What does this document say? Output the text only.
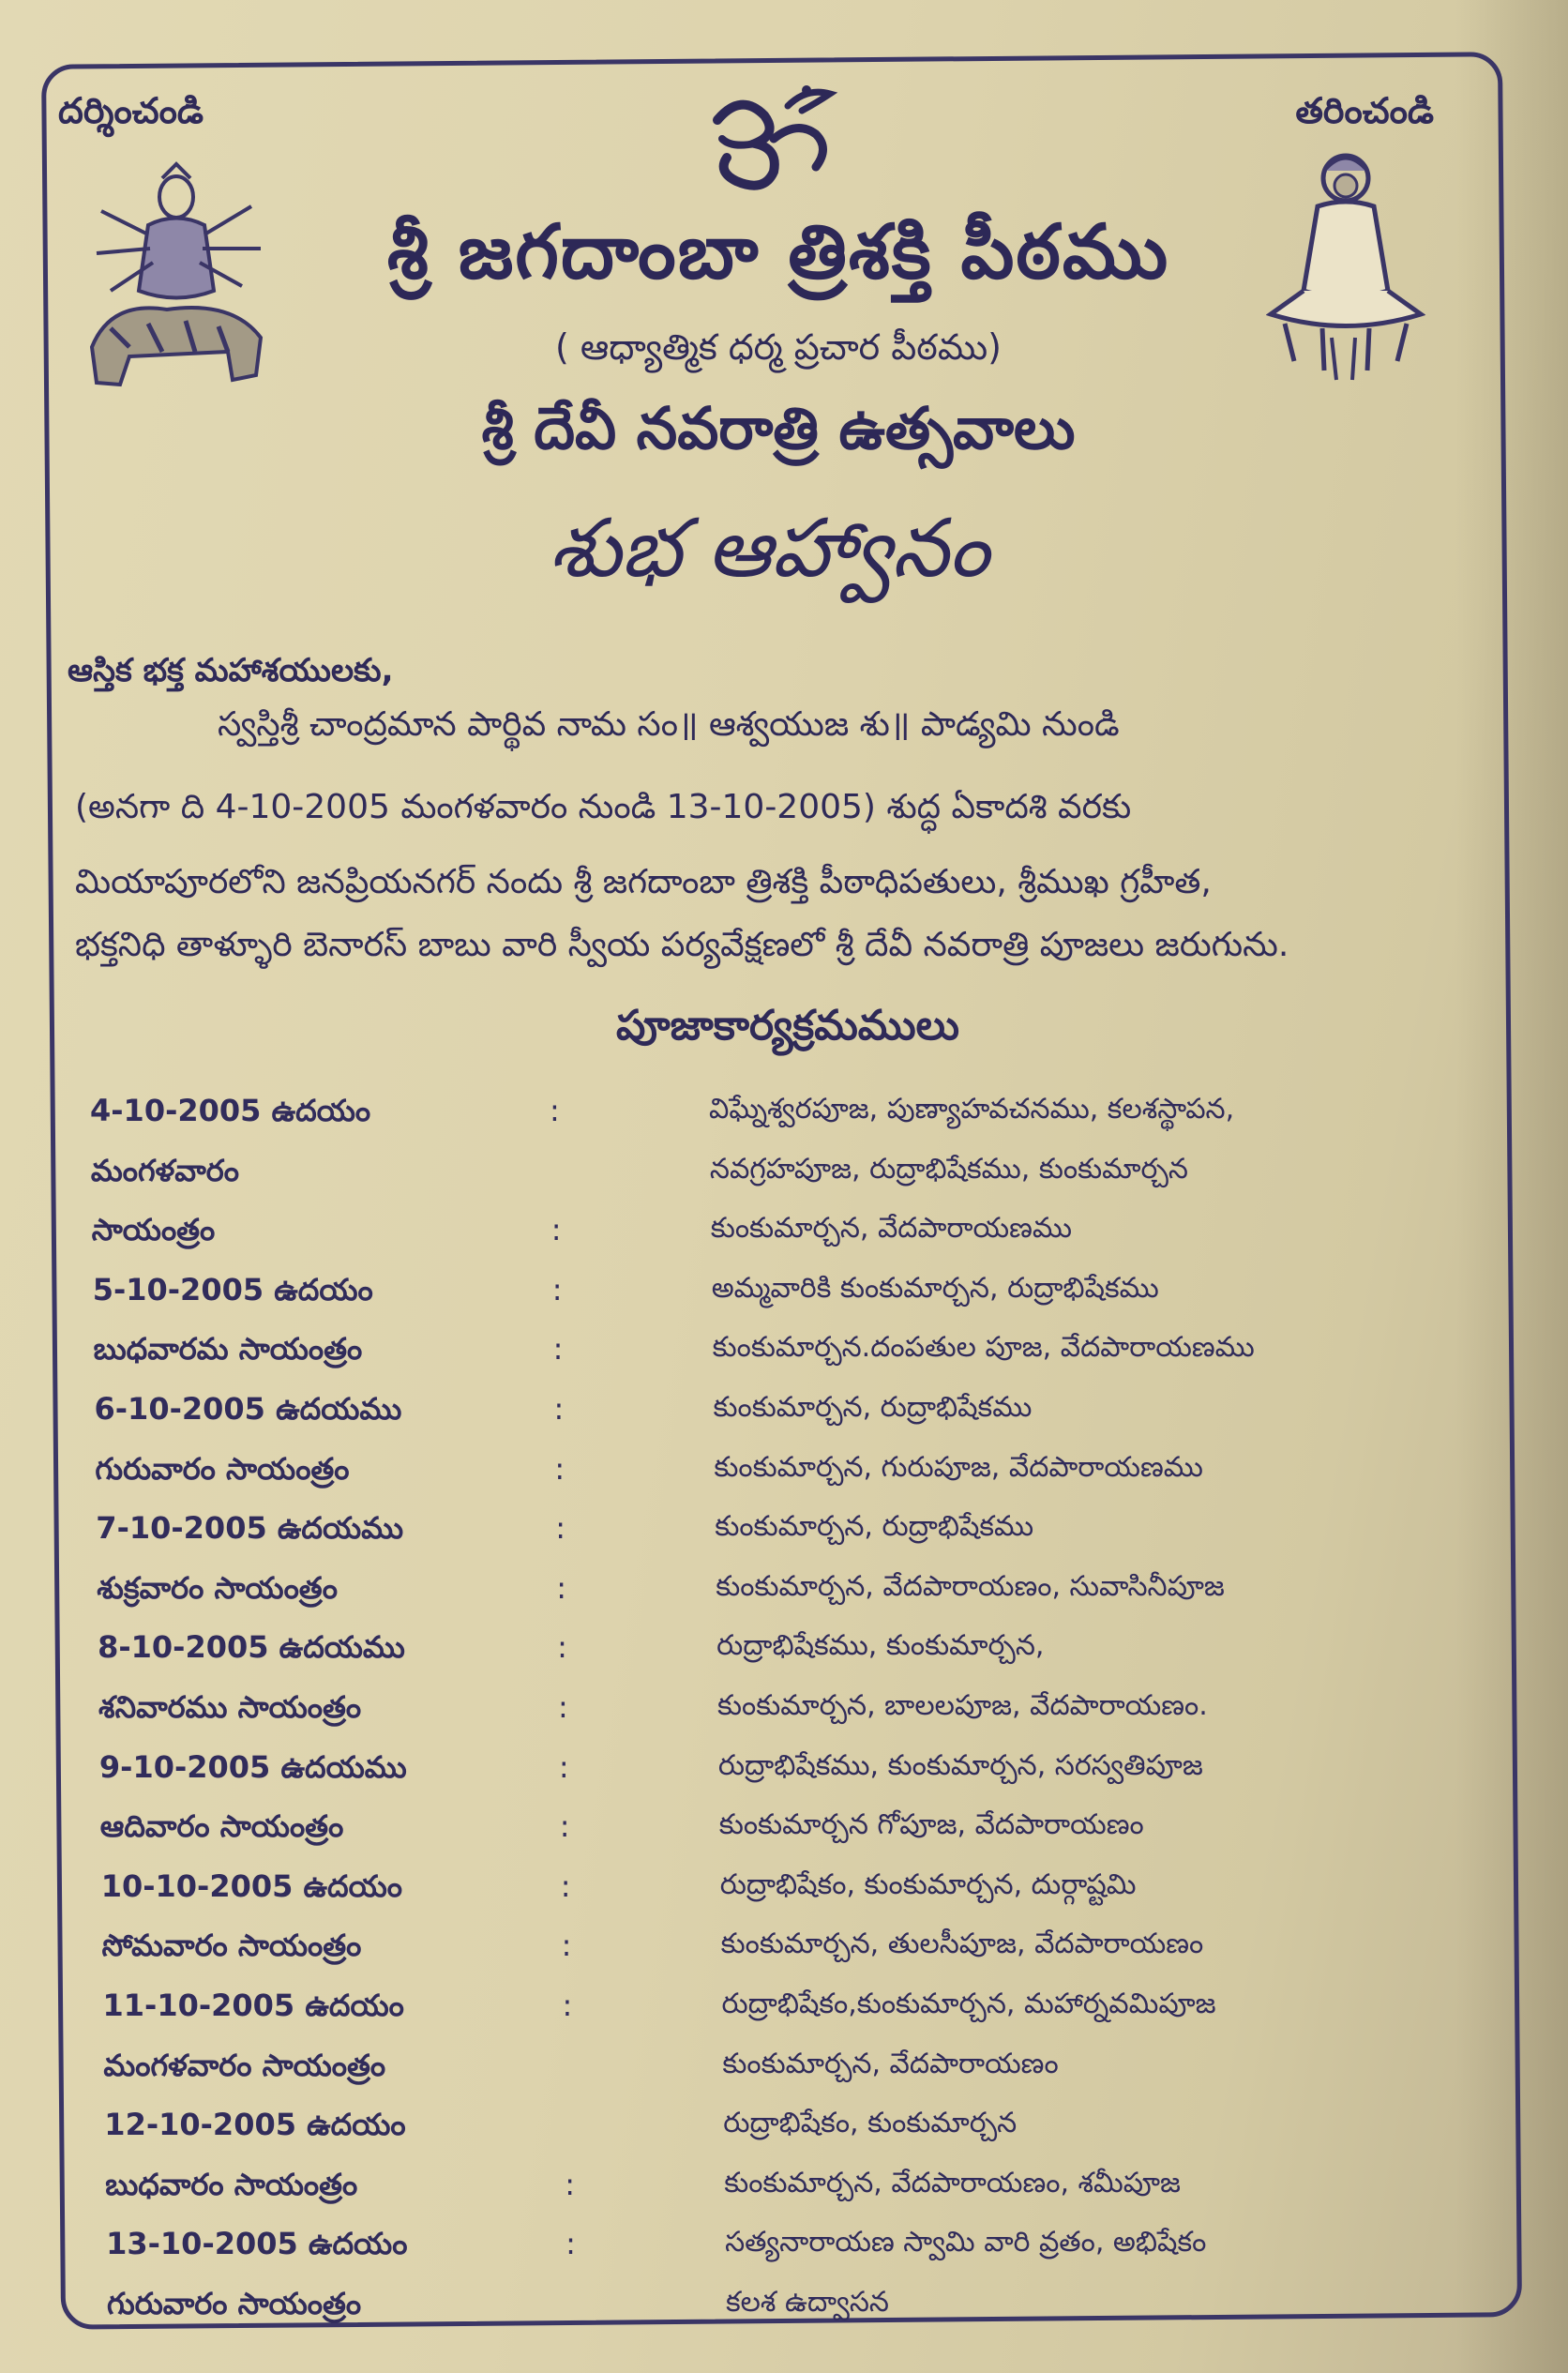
దర్శించండి	తరించండి
శ్రీ జగదాంబా త్రిశక్తి పీఠము
( ఆధ్యాత్మిక ధర్మ ప్రచార పీఠము)
శ్రీ దేవీ నవరాత్రి ఉత్సవాలు
శుభ ఆహ్వానం
ఆస్తిక భక్త మహాశయులకు,
స్వస్తిశ్రీ చాంద్రమాన పార్థివ నామ సం॥ ఆశ్వయుజ శు॥ పాడ్యమి నుండి
(అనగా ది 4-10-2005 మంగళవారం నుండి 13-10-2005) శుద్ధ ఏకాదశి వరకు
మియాపూరలోని జనప్రియనగర్ నందు శ్రీ జగదాంబా త్రిశక్తి పీఠాధిపతులు, శ్రీముఖ గ్రహీత,
భక్తనిధి తాళ్ళూరి బెనారస్ బాబు వారి స్వీయ పర్యవేక్షణలో శ్రీ దేవీ నవరాత్రి పూజలు జరుగును.
పూజాకార్యక్రమములు
4-10-2005 ఉదయం	:	విఘ్నేశ్వరపూజ, పుణ్యాహవచనము, కలశస్థాపన,
మంగళవారం	నవగ్రహపూజ, రుద్రాభిషేకము, కుంకుమార్చన
సాయంత్రం	:	కుంకుమార్చన, వేదపారాయణము
5-10-2005 ఉదయం	:	అమ్మవారికి కుంకుమార్చన, రుద్రాభిషేకము
బుధవారమ సాయంత్రం	:	కుంకుమార్చన.దంపతుల పూజ, వేదపారాయణము
6-10-2005 ఉదయము	:	కుంకుమార్చన, రుద్రాభిషేకము
గురువారం సాయంత్రం	:	కుంకుమార్చన, గురుపూజ, వేదపారాయణము
7-10-2005 ఉదయము	:	కుంకుమార్చన, రుద్రాభిషేకము
శుక్రవారం సాయంత్రం	:	కుంకుమార్చన, వేదపారాయణం, సువాసినీపూజ
8-10-2005 ఉదయము	:	రుద్రాభిషేకము, కుంకుమార్చన,
శనివారము సాయంత్రం	:	కుంకుమార్చన, బాలలపూజ, వేదపారాయణం.
9-10-2005 ఉదయము	:	రుద్రాభిషేకము, కుంకుమార్చన, సరస్వతిపూజ
ఆదివారం సాయంత్రం	:	కుంకుమార్చన గోపూజ, వేదపారాయణం
10-10-2005 ఉదయం	:	రుద్రాభిషేకం, కుంకుమార్చన, దుర్గాష్టమి
సోమవారం సాయంత్రం	:	కుంకుమార్చన, తులసీపూజ, వేదపారాయణం
11-10-2005 ఉదయం	:	రుద్రాభిషేకం,కుంకుమార్చన, మహార్నవమిపూజ
మంగళవారం సాయంత్రం	కుంకుమార్చన, వేదపారాయణం
12-10-2005 ఉదయం	రుద్రాభిషేకం, కుంకుమార్చన
బుధవారం సాయంత్రం	:	కుంకుమార్చన, వేదపారాయణం, శమీపూజ
13-10-2005 ఉదయం	:	సత్యనారాయణ స్వామి వారి వ్రతం, అభిషేకం
గురువారం సాయంత్రం	కలశ ఉద్వాసన
